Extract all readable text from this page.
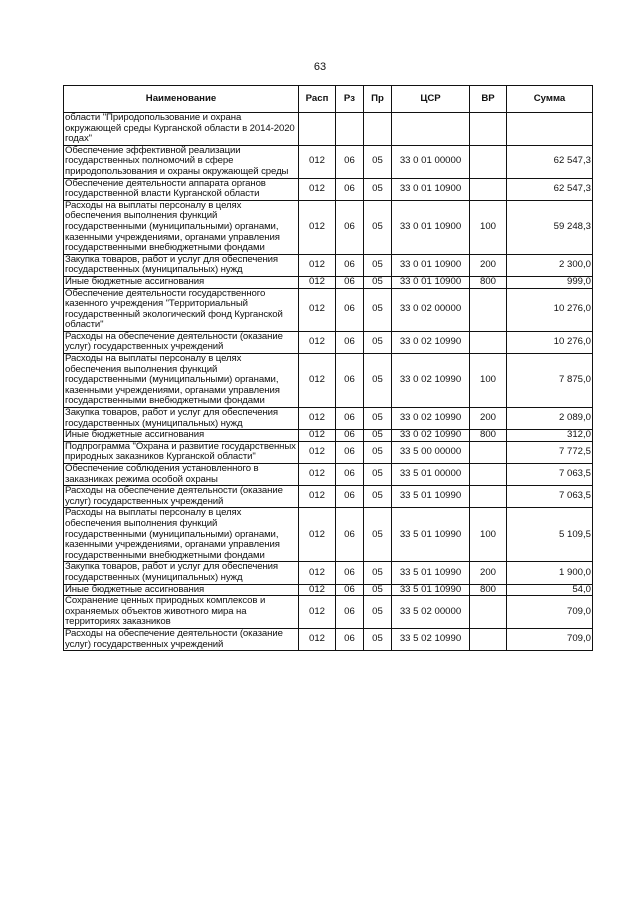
63
Наименование	Расп	Рз	Пр	ЦСР	ВР	Сумма
области "Природопользование и охрана окружающей среды Курганской области в 2014-2020 годах"						
Обеспечение эффективной реализации государственных полномочий в сфере природопользования и охраны окружающей среды	012	06	05	33 0 01 00000		62 547,3
Обеспечение деятельности аппарата органов государственной власти Курганской области	012	06	05	33 0 01 10900		62 547,3
Расходы на выплаты персоналу в целях обеспечения выполнения функций государственными (муниципальными) органами, казенными учреждениями, органами управления государственными внебюджетными фондами	012	06	05	33 0 01 10900	100	59 248,3
Закупка товаров, работ и услуг для обеспечения государственных (муниципальных) нужд	012	06	05	33 0 01 10900	200	2 300,0
Иные бюджетные ассигнования	012	06	05	33 0 01 10900	800	999,0
Обеспечение деятельности государственного казенного учреждения "Территориальный государственный экологический фонд Курганской области"	012	06	05	33 0 02 00000		10 276,0
Расходы на обеспечение деятельности (оказание услуг) государственных учреждений	012	06	05	33 0 02 10990		10 276,0
Расходы на выплаты персоналу в целях обеспечения выполнения функций государственными (муниципальными) органами, казенными учреждениями, органами управления государственными внебюджетными фондами	012	06	05	33 0 02 10990	100	7 875,0
Закупка товаров, работ и услуг для обеспечения государственных (муниципальных) нужд	012	06	05	33 0 02 10990	200	2 089,0
Иные бюджетные ассигнования	012	06	05	33 0 02 10990	800	312,0
Подпрограмма "Охрана и развитие государственных природных заказников Курганской области"	012	06	05	33 5 00 00000		7 772,5
Обеспечение соблюдения установленного в заказниках режима особой охраны	012	06	05	33 5 01 00000		7 063,5
Расходы на обеспечение деятельности (оказание услуг) государственных учреждений	012	06	05	33 5 01 10990		7 063,5
Расходы на выплаты персоналу в целях обеспечения выполнения функций государственными (муниципальными) органами, казенными учреждениями, органами управления государственными внебюджетными фондами	012	06	05	33 5 01 10990	100	5 109,5
Закупка товаров, работ и услуг для обеспечения государственных (муниципальных) нужд	012	06	05	33 5 01 10990	200	1 900,0
Иные бюджетные ассигнования	012	06	05	33 5 01 10990	800	54,0
Сохранение ценных природных комплексов и охраняемых объектов животного мира на территориях заказников	012	06	05	33 5 02 00000		709,0
Расходы на обеспечение деятельности (оказание услуг) государственных учреждений	012	06	05	33 5 02 10990		709,0
